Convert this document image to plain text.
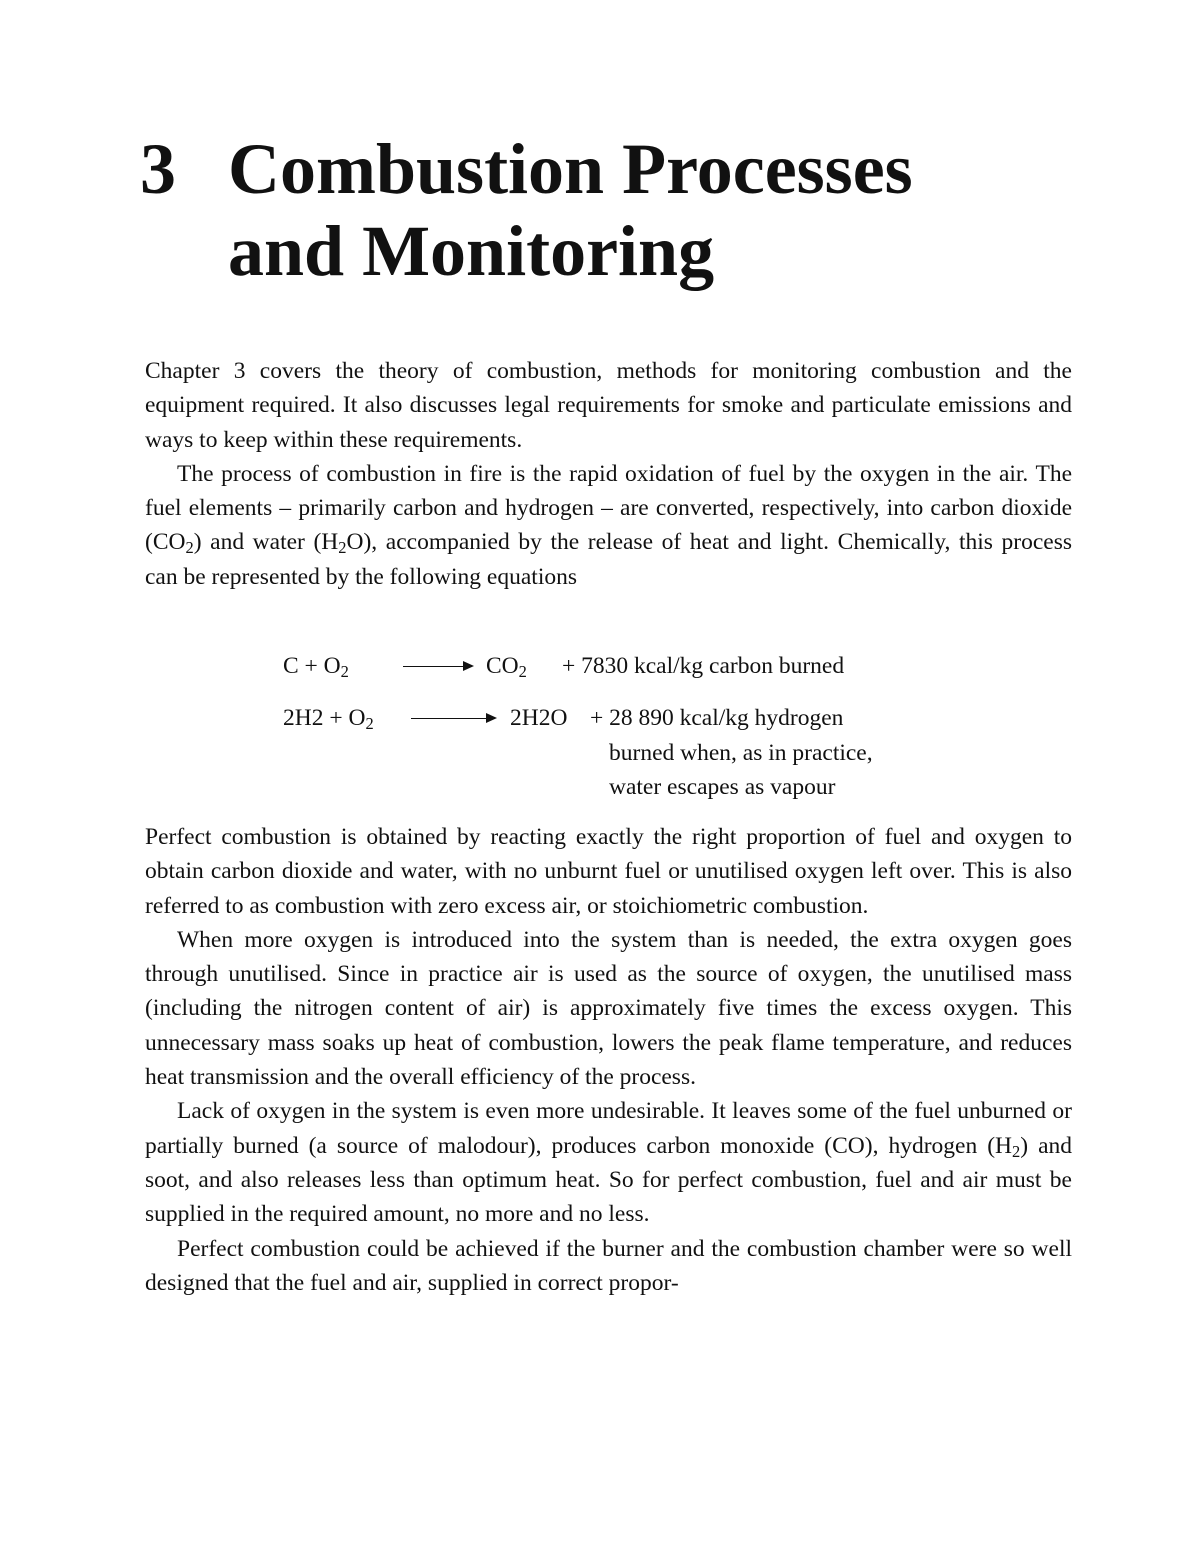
3 Combustion Processes
and Monitoring

Chapter 3 covers the theory of combustion, methods for monitoring combustion and the equipment required. It also discusses legal requirements for smoke and particulate emissions and ways to keep within these requirements.

The process of combustion in fire is the rapid oxidation of fuel by the oxygen in the air. The fuel elements – primarily carbon and hydrogen – are converted, respectively, into carbon dioxide $(CO_2)$ and water $(H_2O)$, accompanied by the release of heat and light. Chemically, this process can be represented by the following equations

$C + O_2$	$CO_2 + 7830$ kcal/kg carbon burned
$2H2 + O_2$	2H2O + 28 890 kcal/kg hydrogen
burned when, as in practice,
water escapes as vapour

Perfect combustion is obtained by reacting exactly the right proportion of fuel and oxygen to obtain carbon dioxide and water, with no unburnt fuel or unutilised oxygen left over. This is also referred to as combustion with zero excess air, or stoichiometric combustion.

When more oxygen is introduced into the system than is needed, the extra oxygen goes through unutilised. Since in practice air is used as the source of oxygen, the unutilised mass (including the nitrogen content of air) is approximately five times the excess oxygen. This unnecessary mass soaks up heat of combustion, lowers the peak flame temperature, and reduces heat transmission and the overall efficiency of the process.

Lack of oxygen in the system is even more undesirable. It leaves some of the fuel unburned or partially burned (a source of malodour), produces carbon monoxide (CO), hydrogen $(H_2)$ and soot, and also releases less than optimum heat. So for perfect combustion, fuel and air must be supplied in the required amount, no more and no less.

Perfect combustion could be achieved if the burner and the combustion chamber were so well designed that the fuel and air, supplied in correct propor-
